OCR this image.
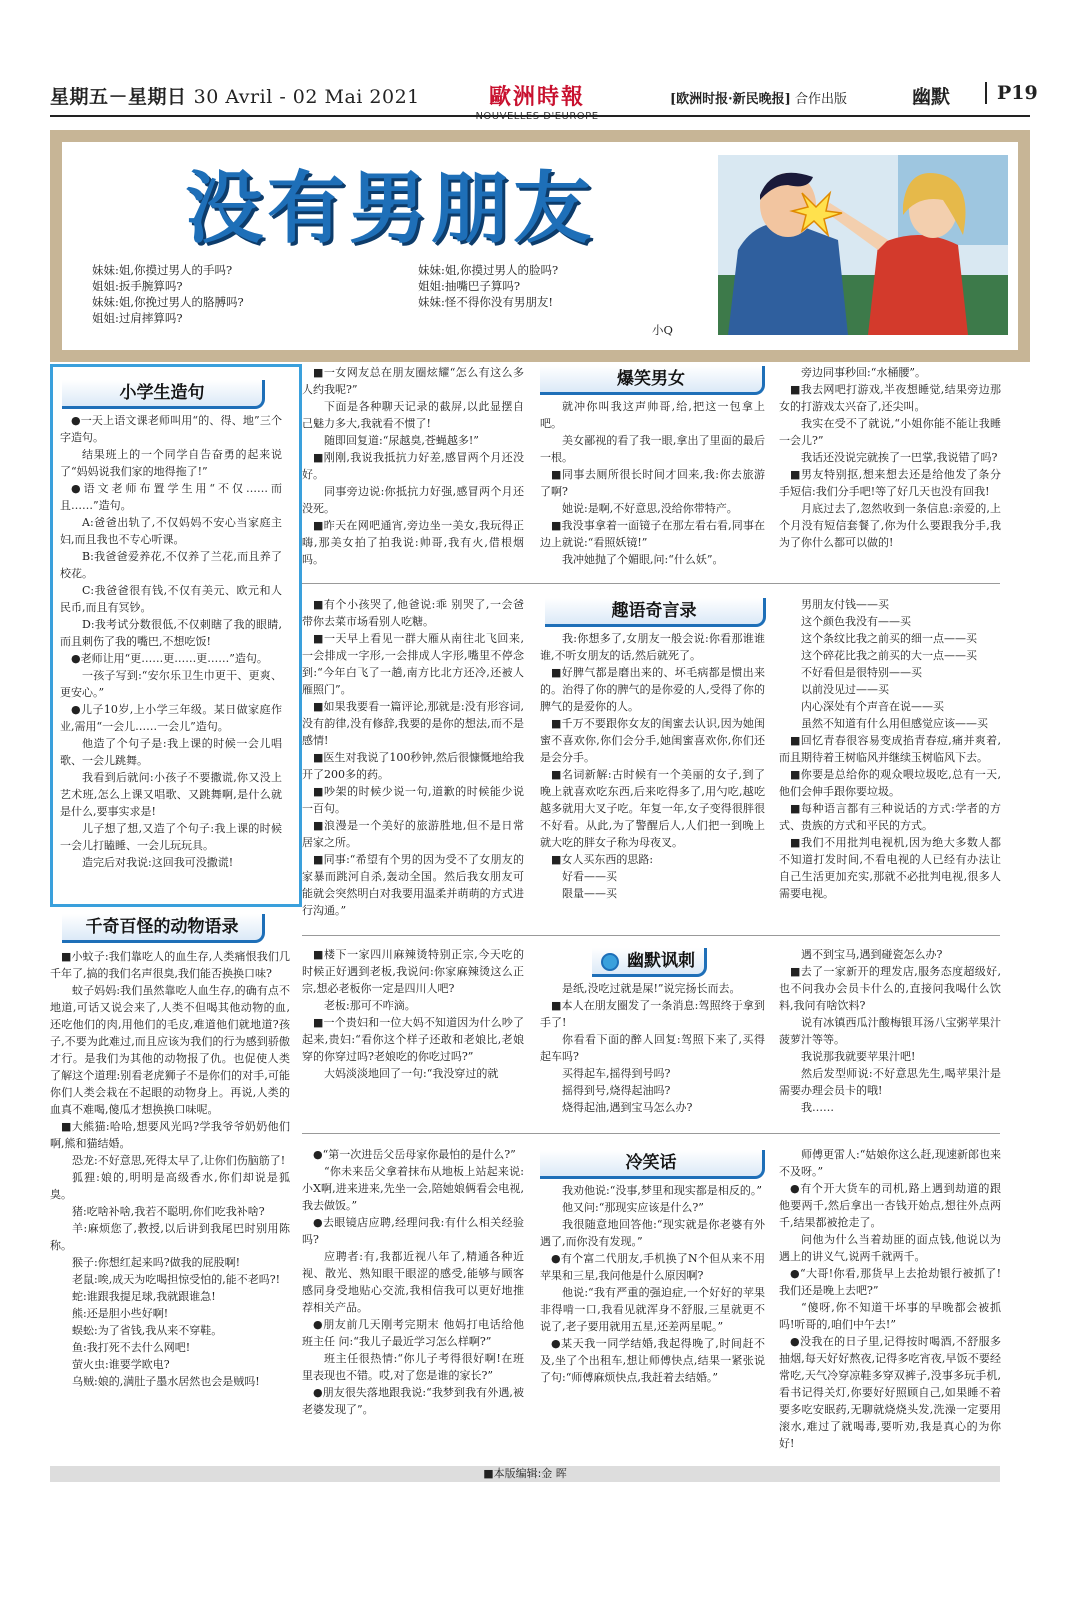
星期五－星期日 30 Avril - 02 Mai 2021	歐洲時報	[欧洲时报·新民晚报] 合作出版	幽默	P19
没有男朋友
妹妹:姐,你摸过男人的手吗?
姐姐:扳手腕算吗?
妹妹:姐,你挽过男人的胳膊吗?
姐姐:过肩摔算吗?
妹妹:姐,你摸过男人的脸吗?
姐姐:抽嘴巴子算吗?
妹妹:怪不得你没有男朋友!
小Q
小学生造句

●一天上语文课老师叫用“的、得、地”三个字造句。

结果班上的一个同学自告奋勇的起来说了“妈妈说我们家的地得拖了!”

●语文老师布置学生用“不仅……而且……”造句。

A:爸爸出轨了,不仅妈妈不安心当家庭主妇,而且我也不专心听课。

B:我爸爸爱养花,不仅养了兰花,而且养了校花。

C:我爸爸很有钱,不仅有美元、欧元和人民币,而且有冥钞。

D:我考试分数很低,不仅刺瞎了我的眼睛,而且刺伤了我的嘴巴,不想吃饭!

●老师让用“更……更……更……”造句。

一孩子写到:“安尔乐卫生巾更干、更爽、更安心。”

●儿子10岁,上小学三年级。某日做家庭作业,需用“一会儿……一会儿”造句。

他造了个句子是:我上课的时候一会儿唱歌、一会儿跳舞。

我看到后就问:小孩子不要撒谎,你又没上艺术班,怎么上课又唱歌、又跳舞啊,是什么就是什么,要事实求是!

儿子想了想,又造了个句子:我上课的时候一会儿打瞌睡、一会儿玩玩具。

造完后对我说:这回我可没撒谎!

千奇百怪的动物语录

■小蚊子:我们靠吃人的血生存,人类痛恨我们几千年了,搞的我们名声很臭,我们能否换换口味?

蚊子妈妈:我们虽然靠吃人血生存,的确有点不地道,可话又说会来了,人类不但喝其他动物的血,还吃他们的肉,用他们的毛皮,难道他们就地道?孩子,不要为此难过,而且应该为我们的行为感到骄傲才行。是我们为其他的动物报了仇。也促使人类了解这个道理:别看老虎狮子不是你们的对手,可能你们人类会栽在不起眼的动物身上。再说,人类的血真不难喝,傻瓜才想换换口味呢。

■大熊猫:哈哈,想要风光吗?学我爷爷奶奶他们啊,熊和猫结婚。

恐龙:不好意思,死得太早了,让你们伤脑筋了!

狐狸:娘的,明明是高级香水,你们却说是狐臭。

猪:吃啥补啥,我若不聪明,你们吃我补啥?

羊:麻烦您了,教授,以后讲到我尾巴时别用陈称。

猴子:你想红起来吗?做我的屁股啊!

老鼠:唉,成天为吃喝担惊受怕的,能不老吗?!

蛇:谁跟我提足球,我就跟谁急!

熊:还是胆小些好啊!

蜈蚣:为了省钱,我从来不穿鞋。

鱼:我打死不去什么网吧!

萤火虫:谁要学欧电?

乌贼:娘的,满肚子墨水居然也会是贼吗!

■一女网友总在朋友圈炫耀“怎么有这么多人约我呢?”

下面是各种聊天记录的截屏,以此显摆自己魅力多大,我就看不惯了!

随即回复道:“尿越臭,苍蝇越多!”

■刚刚,我说我抵抗力好差,感冒两个月还没好。

同事旁边说:你抵抗力好强,感冒两个月还没死。

■昨天在网吧通宵,旁边坐一美女,我玩得正嗨,那美女拍了拍我说:帅哥,我有火,借根烟吗。

■有个小孩哭了,他爸说:乖 别哭了,一会爸带你去菜市场看别人吃糖。

■一天早上看见一群大雁从南往北飞回来,一会排成一字形,一会排成人字形,嘴里不停念到:“今年白飞了一趟,南方比北方还冷,还被人雁照门”。

■如果我要看一篇评论,那就是:没有形容词,没有韵律,没有修辞,我要的是你的想法,而不是感情!

■医生对我说了100秒钟,然后很慷慨地给我开了200多的药。

■吵架的时候少说一句,道歉的时候能少说一百句。

■浪漫是一个美好的旅游胜地,但不是日常居家之所。

■同事:“希望有个男的因为受不了女朋友的家暴而跳河自杀,轰动全国。然后我女朋友可能就会突然明白对我要用温柔并萌萌的方式进行沟通。”

■楼下一家四川麻辣烫特别正宗,今天吃的时候正好遇到老板,我说问:你家麻辣烫这么正宗,想必老板你一定是四川人吧?

老板:那可不咋滴。

■一个贵妇和一位大妈不知道因为什么吵了起来,贵妇:“看你这个样子还敢和老娘比,老娘穿的你穿过吗?老娘吃的你吃过吗?”

大妈淡淡地回了一句:“我没穿过的就

●“第一次进岳父岳母家你最怕的是什么?”

“你未来岳父拿着抹布从地板上站起来说:小X啊,进来进来,先坐一会,陪她娘俩看会电视,我去做饭。”

●去眼镜店应聘,经理问我:有什么相关经验吗?

应聘者:有,我都近视八年了,精通各种近视、散光、熟知眼干眼涩的感受,能够与顾客感同身受地贴心交流,我相信我可以更好地推荐相关产品。

●朋友前几天刚考完期末 他妈打电话给他班主任 问:“我儿子最近学习怎么样啊?”

班主任很热情:“你儿子考得很好啊!在班里表现也不错。哎,对了您是谁的家长?”

●朋友很失落地跟我说:“我梦到我有外遇,被老婆发现了”。

爆笑男女

就冲你叫我这声帅哥,给,把这一包拿上吧。

美女鄙视的看了我一眼,拿出了里面的最后一根。

■同事去厕所很长时间才回来,我:你去旅游了啊?

她说:是啊,不好意思,没给你带特产。

■我没事拿着一面镜子在那左看右看,同事在边上就说:“看照妖镜!”

我冲她抛了个媚眼,问:“什么妖”。

趣语奇言录

我:你想多了,女朋友一般会说:你看那谁谁谁,不听女朋友的话,然后就死了。

■好脾气都是磨出来的、坏毛病都是惯出来的。治得了你的脾气的是你爱的人,受得了你的脾气的是爱你的人。

■千万不要跟你女友的闺蜜去认识,因为她闺蜜不喜欢你,你们会分手,她闺蜜喜欢你,你们还是会分手。

■名词新解:古时候有一个美丽的女子,到了晚上就喜欢吃东西,后来吃得多了,用勺吃,越吃越多就用大叉子吃。年复一年,女子变得很胖很不好看。从此,为了警醒后人,人们把一到晚上就大吃的胖女子称为母夜叉。

■女人买东西的思路:

好看——买

限量——买

幽默讽刺

是纸,没吃过就是屎!”说完扬长而去。

■本人在朋友圈发了一条消息:驾照终于拿到手了!

你看看下面的醉人回复:驾照下来了,买得起车吗?

买得起车,摇得到号吗?

摇得到号,烧得起油吗?

烧得起油,遇到宝马怎么办?

冷笑话

我劝他说:“没事,梦里和现实都是相反的。”

他又问:“那现实应该是什么?”

我很随意地回答他:“现实就是你老婆有外遇了,而你没有发现。”

●有个富二代朋友,手机换了N个但从来不用苹果和三星,我问他是什么原因啊?

他说:“我有严重的强迫症,一个好好的苹果非得啃一口,我看见就浑身不舒服,三星就更不说了,老子要用就用五星,还差两星呢。”

●某天我一同学结婚,我起得晚了,时间赶不及,坐了个出租车,想让师傅快点,结果一紧张说了句:“师傅麻烦快点,我赶着去结婚。”

旁边同事秒回:“水桶腰”。

■我去网吧打游戏,半夜想睡觉,结果旁边那女的打游戏太兴奋了,还尖叫。

我实在受不了就说,“小姐你能不能让我睡一会儿?”

我话还没说完就挨了一巴掌,我说错了吗?

■男友特别抠,想来想去还是给他发了条分手短信:我们分手吧!等了好几天也没有回我!

月底过去了,忽然收到一条信息:亲爱的,上个月没有短信套餐了,你为什么要跟我分手,我为了你什么都可以做的!

男朋友付钱——买

这个颜色我没有——买

这个条纹比我之前买的细一点——买

这个碎花比我之前买的大一点——买

不好看但是很特别——买

以前没见过——买

内心深处有个声音在说——买

虽然不知道有什么用但感觉应该——买

■回忆青春很容易变成掐青春痘,痛并爽着,而且期待着王树临风并继续玉树临风下去。

■你要是总给你的观众喂垃圾吃,总有一天,他们会伸手跟你要垃圾。

■每种语言都有三种说话的方式:学者的方式、贵族的方式和平民的方式。

■我们不用批判电视机,因为绝大多数人都不知道打发时间,不看电视的人已经有办法让自己生活更加充实,那就不必批判电视,很多人需要电视。

遇不到宝马,遇到碰瓷怎么办?

■去了一家新开的理发店,服务态度超级好,也不问我办会员卡什么的,直接问我喝什么饮料,我问有啥饮料?

说有冰镇西瓜汁酸梅银耳汤八宝粥苹果汁菠萝汁等等。

我说那我就要苹果汁吧!

然后发型师说:不好意思先生,喝苹果汁是需要办理会员卡的哦!

我……

师傅更雷人:“姑娘你这么赶,现速新郎也来不及呀。”

●有个开大货车的司机,路上遇到劫道的跟他要两千,然后拿出一杏钱开始点,想往外点两千,结果都被抢走了。

问他为什么当着劫匪的面点钱,他说以为遇上的讲义气,说两千就两千。

●“大哥!你看,那货早上去抢劫银行被抓了!我们还是晚上去吧?”

“傻呀,你不知道干坏事的早晚都会被抓吗!听哥的,咱们中午去!”

●没我在的日子里,记得按时喝酒,不舒服多抽烟,每天好好熬夜,记得多吃宵夜,早饭不要经常吃,天气冷穿凉鞋多穿双裤子,没事多玩手机,看书记得关灯,你要好好照顾自己,如果睡不着要多吃安眠药,无聊就烧烧头发,洗澡一定要用滚水,难过了就喝毒,要听劝,我是真心的为你好!

■本版编辑:金 晖
